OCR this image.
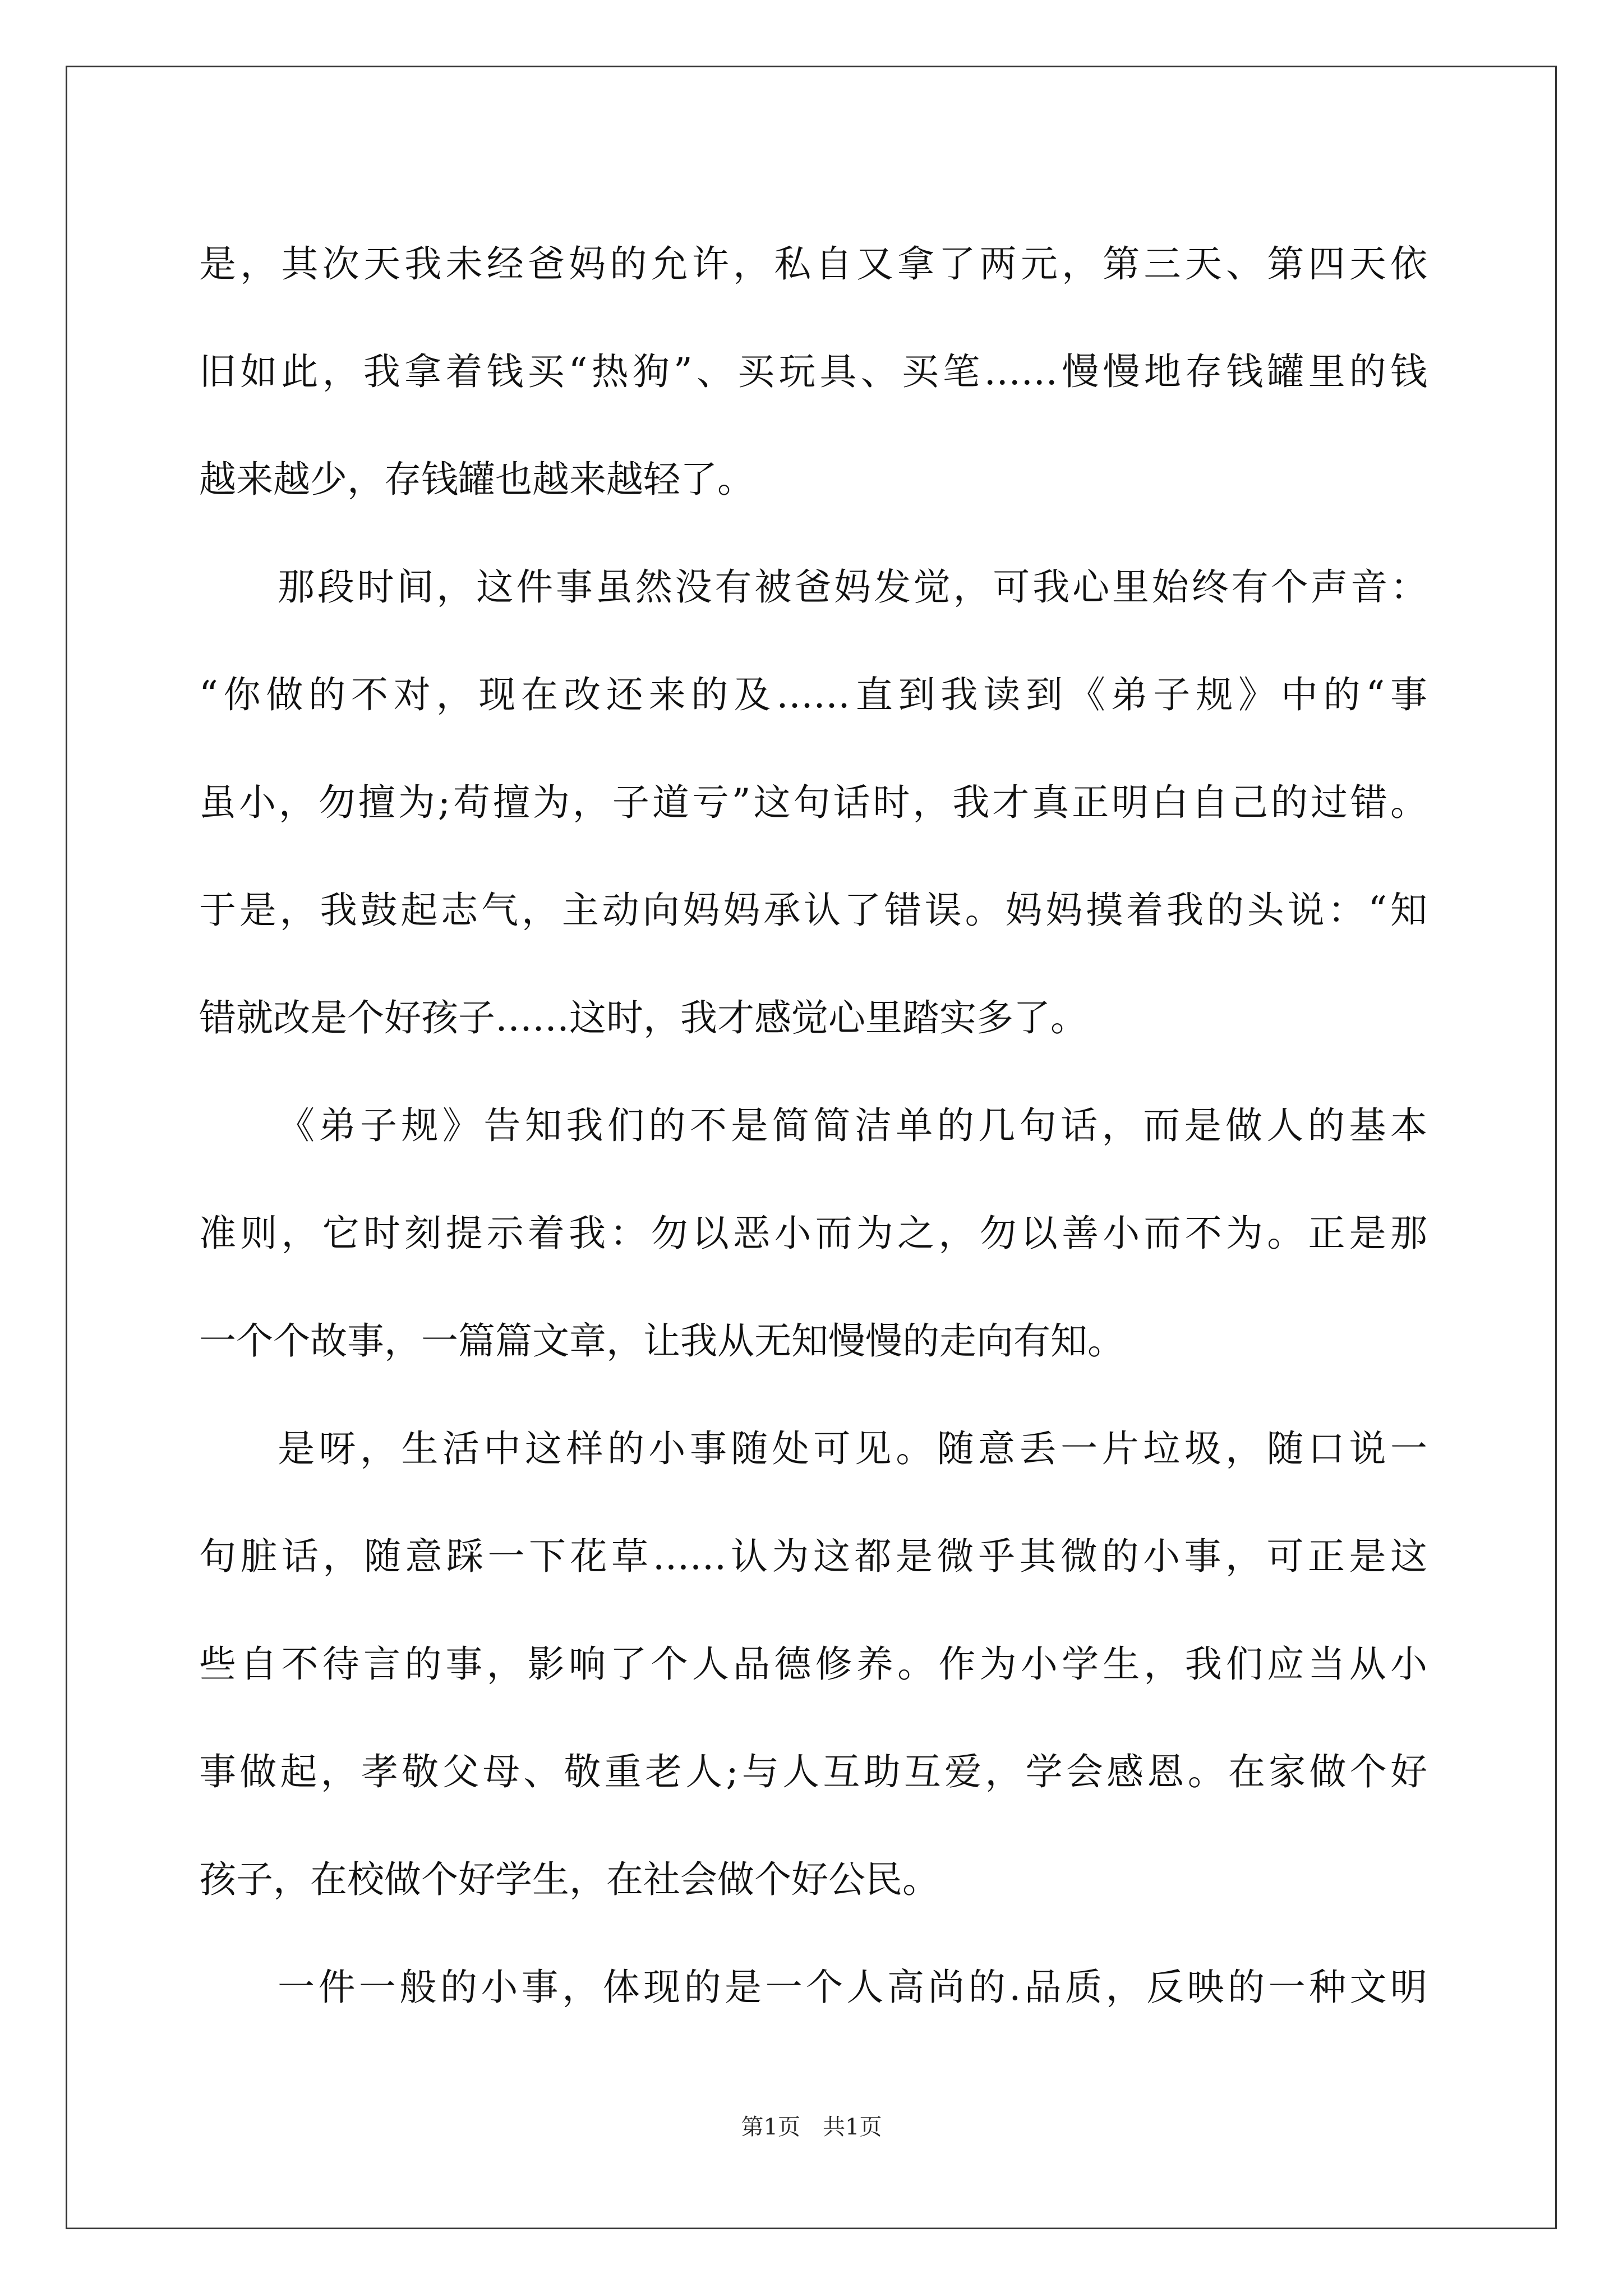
是，其次天我未经爸妈的允许，私自又拿了两元，第三天、第四天依
旧如此，我拿着钱买“热狗”、买玩具、买笔……慢慢地存钱罐里的钱
越来越少，存钱罐也越来越轻了。
那段时间，这件事虽然没有被爸妈发觉，可我心里始终有个声音：
“你做的不对，现在改还来的及……直到我读到《弟子规》中的“事
虽小，勿擅为;苟擅为，子道亏”这句话时，我才真正明白自己的过错。
于是，我鼓起志气，主动向妈妈承认了错误。妈妈摸着我的头说：“知
错就改是个好孩子……这时，我才感觉心里踏实多了。
《弟子规》告知我们的不是简简洁单的几句话，而是做人的基本
准则，它时刻提示着我：勿以恶小而为之，勿以善小而不为。正是那
一个个故事，一篇篇文章，让我从无知慢慢的走向有知。
是呀，生活中这样的小事随处可见。随意丢一片垃圾，随口说一
句脏话，随意踩一下花草……认为这都是微乎其微的小事，可正是这
些自不待言的事，影响了个人品德修养。作为小学生，我们应当从小
事做起，孝敬父母、敬重老人;与人互助互爱，学会感恩。在家做个好
孩子，在校做个好学生，在社会做个好公民。
一件一般的小事，体现的是一个人高尚的.品质，反映的一种文明
第1页　共1页
